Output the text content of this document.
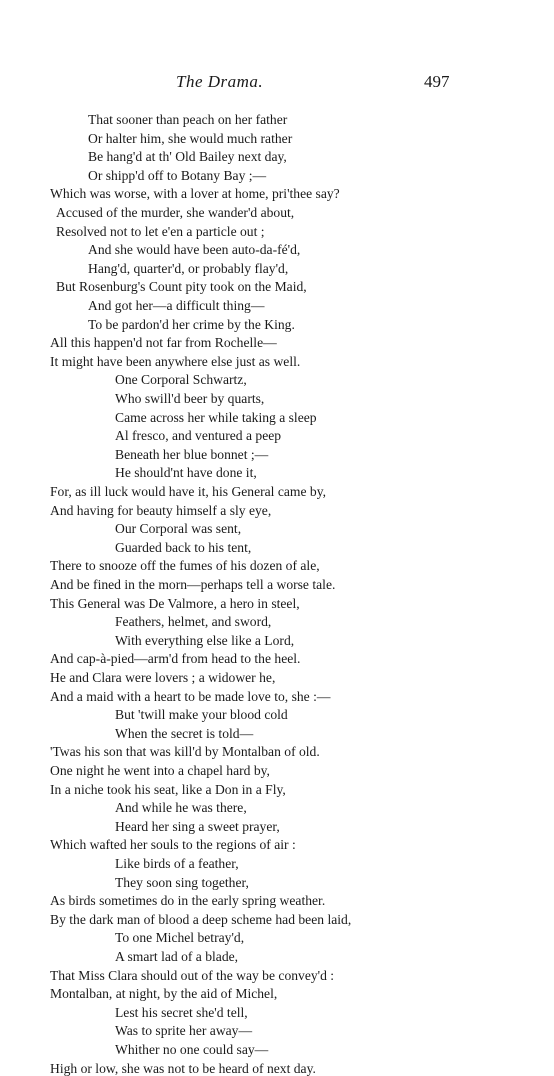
The Drama.	497
That sooner than peach on her father
Or halter him, she would much rather
Be hang'd at th' Old Bailey next day,
Or shipp'd off to Botany Bay ;—
Which was worse, with a lover at home, pri'thee say?
Accused of the murder, she wander'd about,
Resolved not to let e'en a particle out ;
And she would have been auto-da-fé'd,
Hang'd, quarter'd, or probably flay'd,
But Rosenburg's Count pity took on the Maid,
And got her—a difficult thing—
To be pardon'd her crime by the King.
All this happen'd not far from Rochelle—
It might have been anywhere else just as well.
One Corporal Schwartz,
Who swill'd beer by quarts,
Came across her while taking a sleep
Al fresco, and ventured a peep
Beneath her blue bonnet ;—
He should'nt have done it,
For, as ill luck would have it, his General came by,
And having for beauty himself a sly eye,
Our Corporal was sent,
Guarded back to his tent,
There to snooze off the fumes of his dozen of ale,
And be fined in the morn—perhaps tell a worse tale.
This General was De Valmore, a hero in steel,
Feathers, helmet, and sword,
With everything else like a Lord,
And cap-à-pied—arm'd from head to the heel.
He and Clara were lovers ; a widower he,
And a maid with a heart to be made love to, she :—
But 'twill make your blood cold
When the secret is told—
'Twas his son that was kill'd by Montalban of old.
One night he went into a chapel hard by,
In a niche took his seat, like a Don in a Fly,
And while he was there,
Heard her sing a sweet prayer,
Which wafted her souls to the regions of air :
Like birds of a feather,
They soon sing together,
As birds sometimes do in the early spring weather.
By the dark man of blood a deep scheme had been laid,
To one Michel betray'd,
A smart lad of a blade,
That Miss Clara should out of the way be convey'd :
Montalban, at night, by the aid of Michel,
Lest his secret she'd tell,
Was to sprite her away—
Whither no one could say—
High or low, she was not to be heard of next day.
